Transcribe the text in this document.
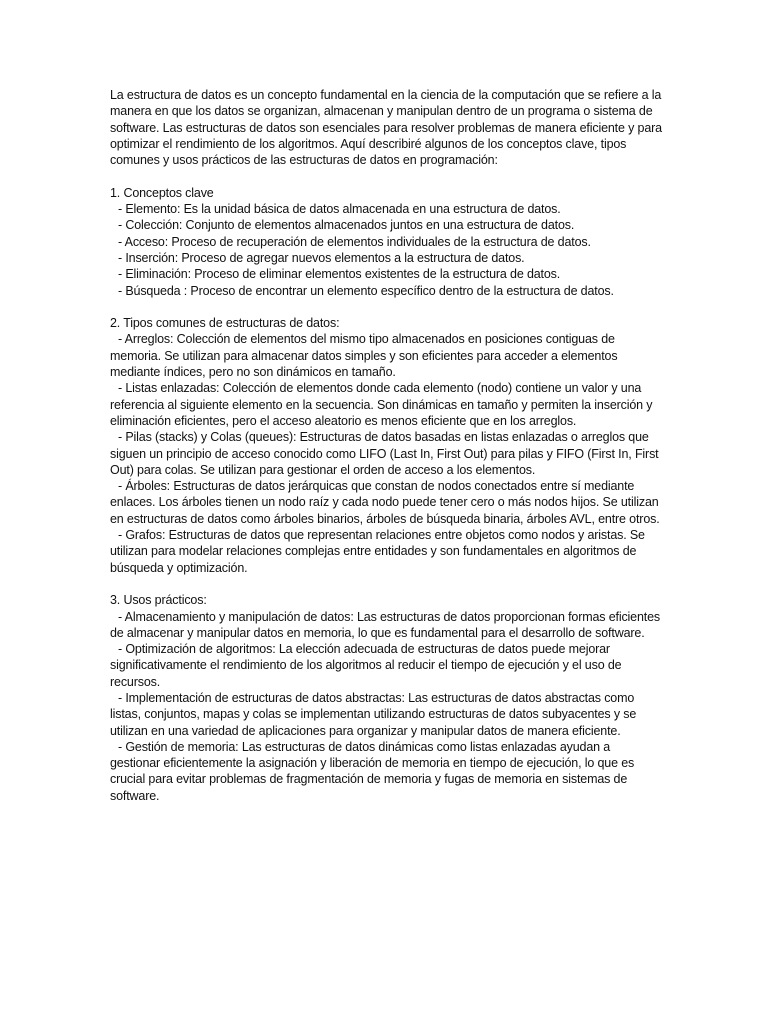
La estructura de datos es un concepto fundamental en la ciencia de la computación que se refiere a la manera en que los datos se organizan, almacenan y manipulan dentro de un programa o sistema de software. Las estructuras de datos son esenciales para resolver problemas de manera eficiente y para optimizar el rendimiento de los algoritmos. Aquí describiré algunos de los conceptos clave, tipos comunes y usos prácticos de las estructuras de datos en programación:

1. Conceptos clave
- Elemento: Es la unidad básica de datos almacenada en una estructura de datos.
- Colección: Conjunto de elementos almacenados juntos en una estructura de datos.
- Acceso: Proceso de recuperación de elementos individuales de la estructura de datos.
- Inserción: Proceso de agregar nuevos elementos a la estructura de datos.
- Eliminación: Proceso de eliminar elementos existentes de la estructura de datos.
- Búsqueda : Proceso de encontrar un elemento específico dentro de la estructura de datos.
2. Tipos comunes de estructuras de datos:
- Arreglos: Colección de elementos del mismo tipo almacenados en posiciones contiguas de memoria. Se utilizan para almacenar datos simples y son eficientes para acceder a elementos mediante índices, pero no son dinámicos en tamaño.
- Listas enlazadas: Colección de elementos donde cada elemento (nodo) contiene un valor y una referencia al siguiente elemento en la secuencia. Son dinámicas en tamaño y permiten la inserción y eliminación eficientes, pero el acceso aleatorio es menos eficiente que en los arreglos.
- Pilas (stacks) y Colas (queues): Estructuras de datos basadas en listas enlazadas o arreglos que siguen un principio de acceso conocido como LIFO (Last In, First Out) para pilas y FIFO (First In, First Out) para colas. Se utilizan para gestionar el orden de acceso a los elementos.
- Árboles: Estructuras de datos jerárquicas que constan de nodos conectados entre sí mediante enlaces. Los árboles tienen un nodo raíz y cada nodo puede tener cero o más nodos hijos. Se utilizan en estructuras de datos como árboles binarios, árboles de búsqueda binaria, árboles AVL, entre otros.
- Grafos: Estructuras de datos que representan relaciones entre objetos como nodos y aristas. Se utilizan para modelar relaciones complejas entre entidades y son fundamentales en algoritmos de búsqueda y optimización.
3. Usos prácticos:
- Almacenamiento y manipulación de datos: Las estructuras de datos proporcionan formas eficientes de almacenar y manipular datos en memoria, lo que es fundamental para el desarrollo de software.
- Optimización de algoritmos: La elección adecuada de estructuras de datos puede mejorar significativamente el rendimiento de los algoritmos al reducir el tiempo de ejecución y el uso de recursos.
- Implementación de estructuras de datos abstractas: Las estructuras de datos abstractas como listas, conjuntos, mapas y colas se implementan utilizando estructuras de datos subyacentes y se utilizan en una variedad de aplicaciones para organizar y manipular datos de manera eficiente.
- Gestión de memoria: Las estructuras de datos dinámicas como listas enlazadas ayudan a gestionar eficientemente la asignación y liberación de memoria en tiempo de ejecución, lo que es crucial para evitar problemas de fragmentación de memoria y fugas de memoria en sistemas de software.
